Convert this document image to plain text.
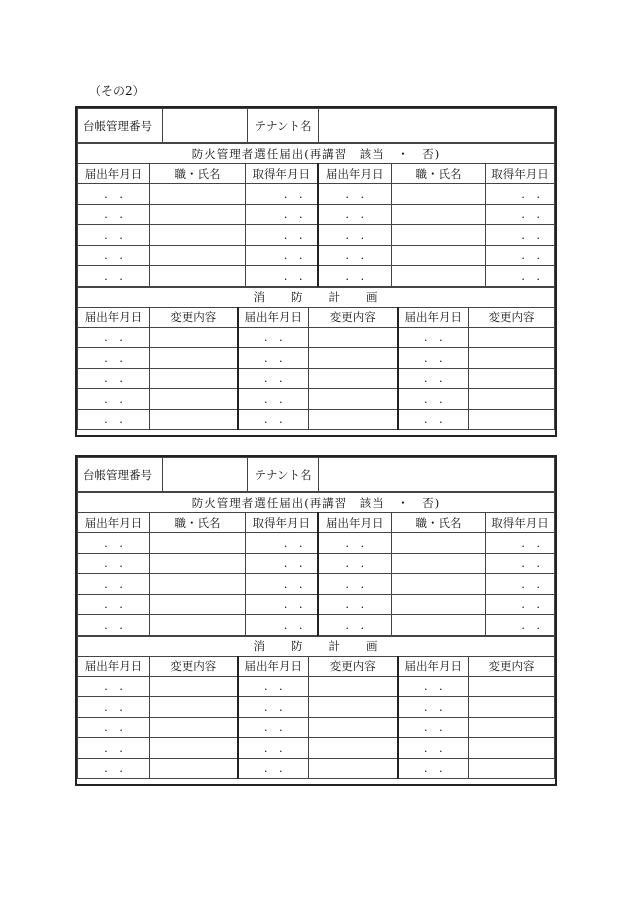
（その2）
台帳管理番号		テナント名	
防火管理者選任届出(再講習　該当　・　否)					
届出年月日	職・氏名	取得年月日	届出年月日	職・氏名	取得年月日
.　.		.　.	.　.		.　.
.　.		.　.	.　.		.　.
.　.		.　.	.　.		.　.
.　.		.　.	.　.		.　.
.　.		.　.	.　.		.　.
消　　防　　計　　画					
届出年月日	変更内容	届出年月日	変更内容	届出年月日	変更内容
.　.		.　.		.　.	
.　.		.　.		.　.	
.　.		.　.		.　.	
.　.		.　.		.　.	
.　.		.　.		.　.	
台帳管理番号		テナント名	
防火管理者選任届出(再講習　該当　・　否)					
届出年月日	職・氏名	取得年月日	届出年月日	職・氏名	取得年月日
.　.		.　.	.　.		.　.
.　.		.　.	.　.		.　.
.　.		.　.	.　.		.　.
.　.		.　.	.　.		.　.
.　.		.　.	.　.		.　.
消　　防　　計　　画					
届出年月日	変更内容	届出年月日	変更内容	届出年月日	変更内容
.　.		.　.		.　.	
.　.		.　.		.　.	
.　.		.　.		.　.	
.　.		.　.		.　.	
.　.		.　.		.　.	
